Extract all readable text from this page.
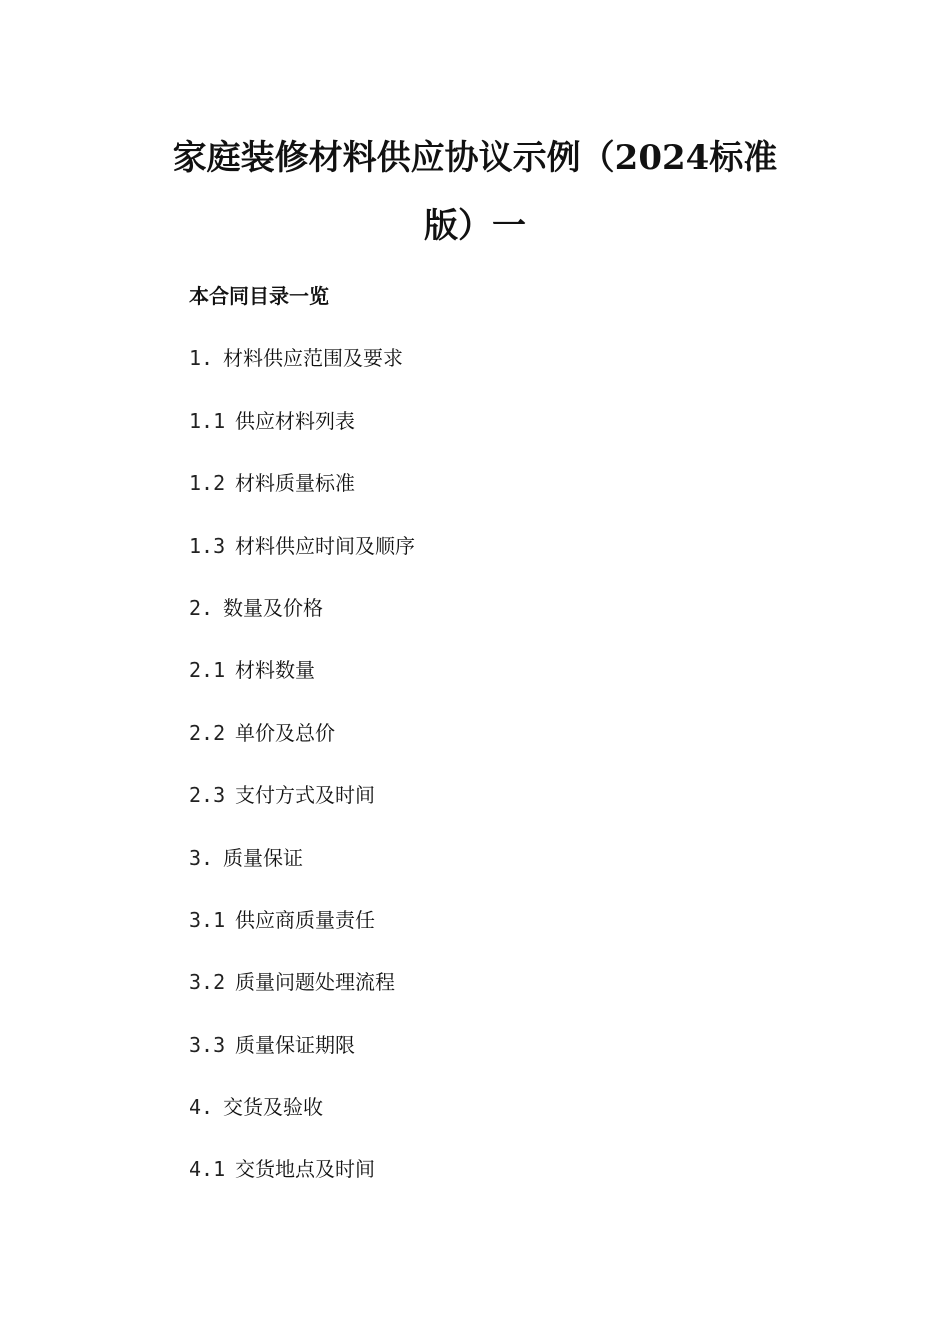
家庭装修材料供应协议示例（2024标准版）一
本合同目录一览
1. 材料供应范围及要求
1.1 供应材料列表
1.2 材料质量标准
1.3 材料供应时间及顺序
2. 数量及价格
2.1 材料数量
2.2 单价及总价
2.3 支付方式及时间
3. 质量保证
3.1 供应商质量责任
3.2 质量问题处理流程
3.3 质量保证期限
4. 交货及验收
4.1 交货地点及时间
